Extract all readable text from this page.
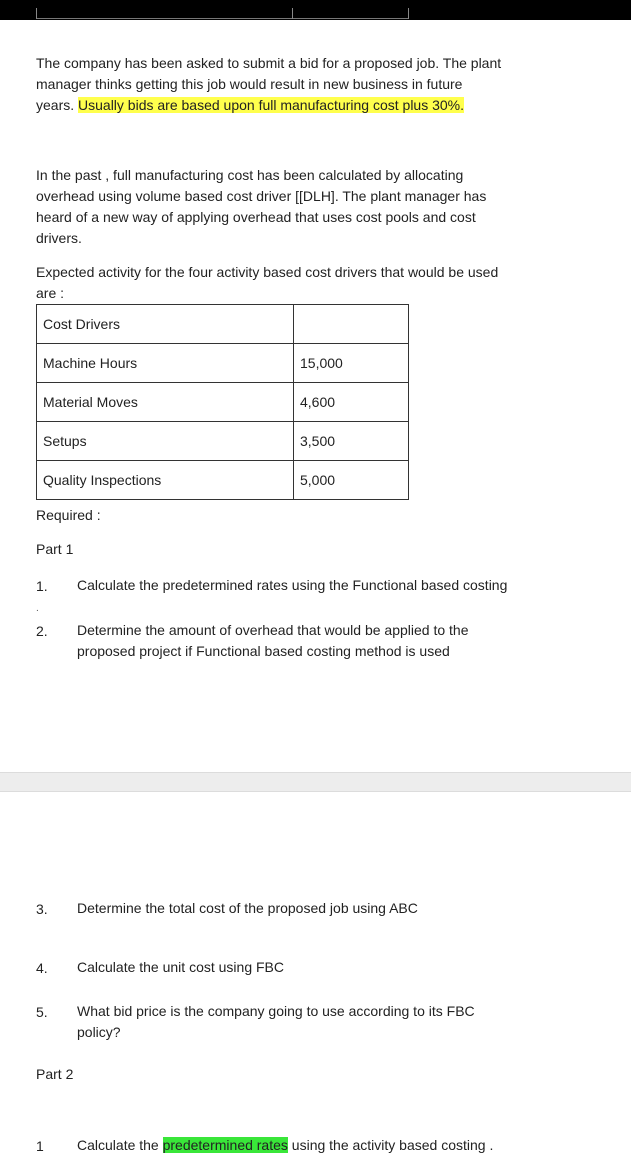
The company has been asked to submit a bid for a proposed job. The plant
manager thinks getting this job would result in new business in future
years. Usually bids are based upon full manufacturing cost plus 30%.
In the past , full manufacturing cost has been calculated by allocating
overhead using volume based cost driver [[DLH]. The plant manager has
heard of a new way of applying overhead that uses cost pools and cost
drivers.
Expected activity for the four activity based cost drivers that would be used
are :
Cost Drivers	
Machine Hours	15,000
Material Moves	4,600
Setups	3,500
Quality Inspections	5,000
Required :
Part 1
1. Calculate the predetermined rates using the Functional based costing
.
2. Determine the amount of overhead that would be applied to the
proposed project if Functional based costing method is used
3. Determine the total cost of the proposed job using ABC
4. Calculate the unit cost using FBC
5. What bid price is the company going to use according to its FBC
policy?
Part 2
1 Calculate the predetermined rates using the activity based costing .
